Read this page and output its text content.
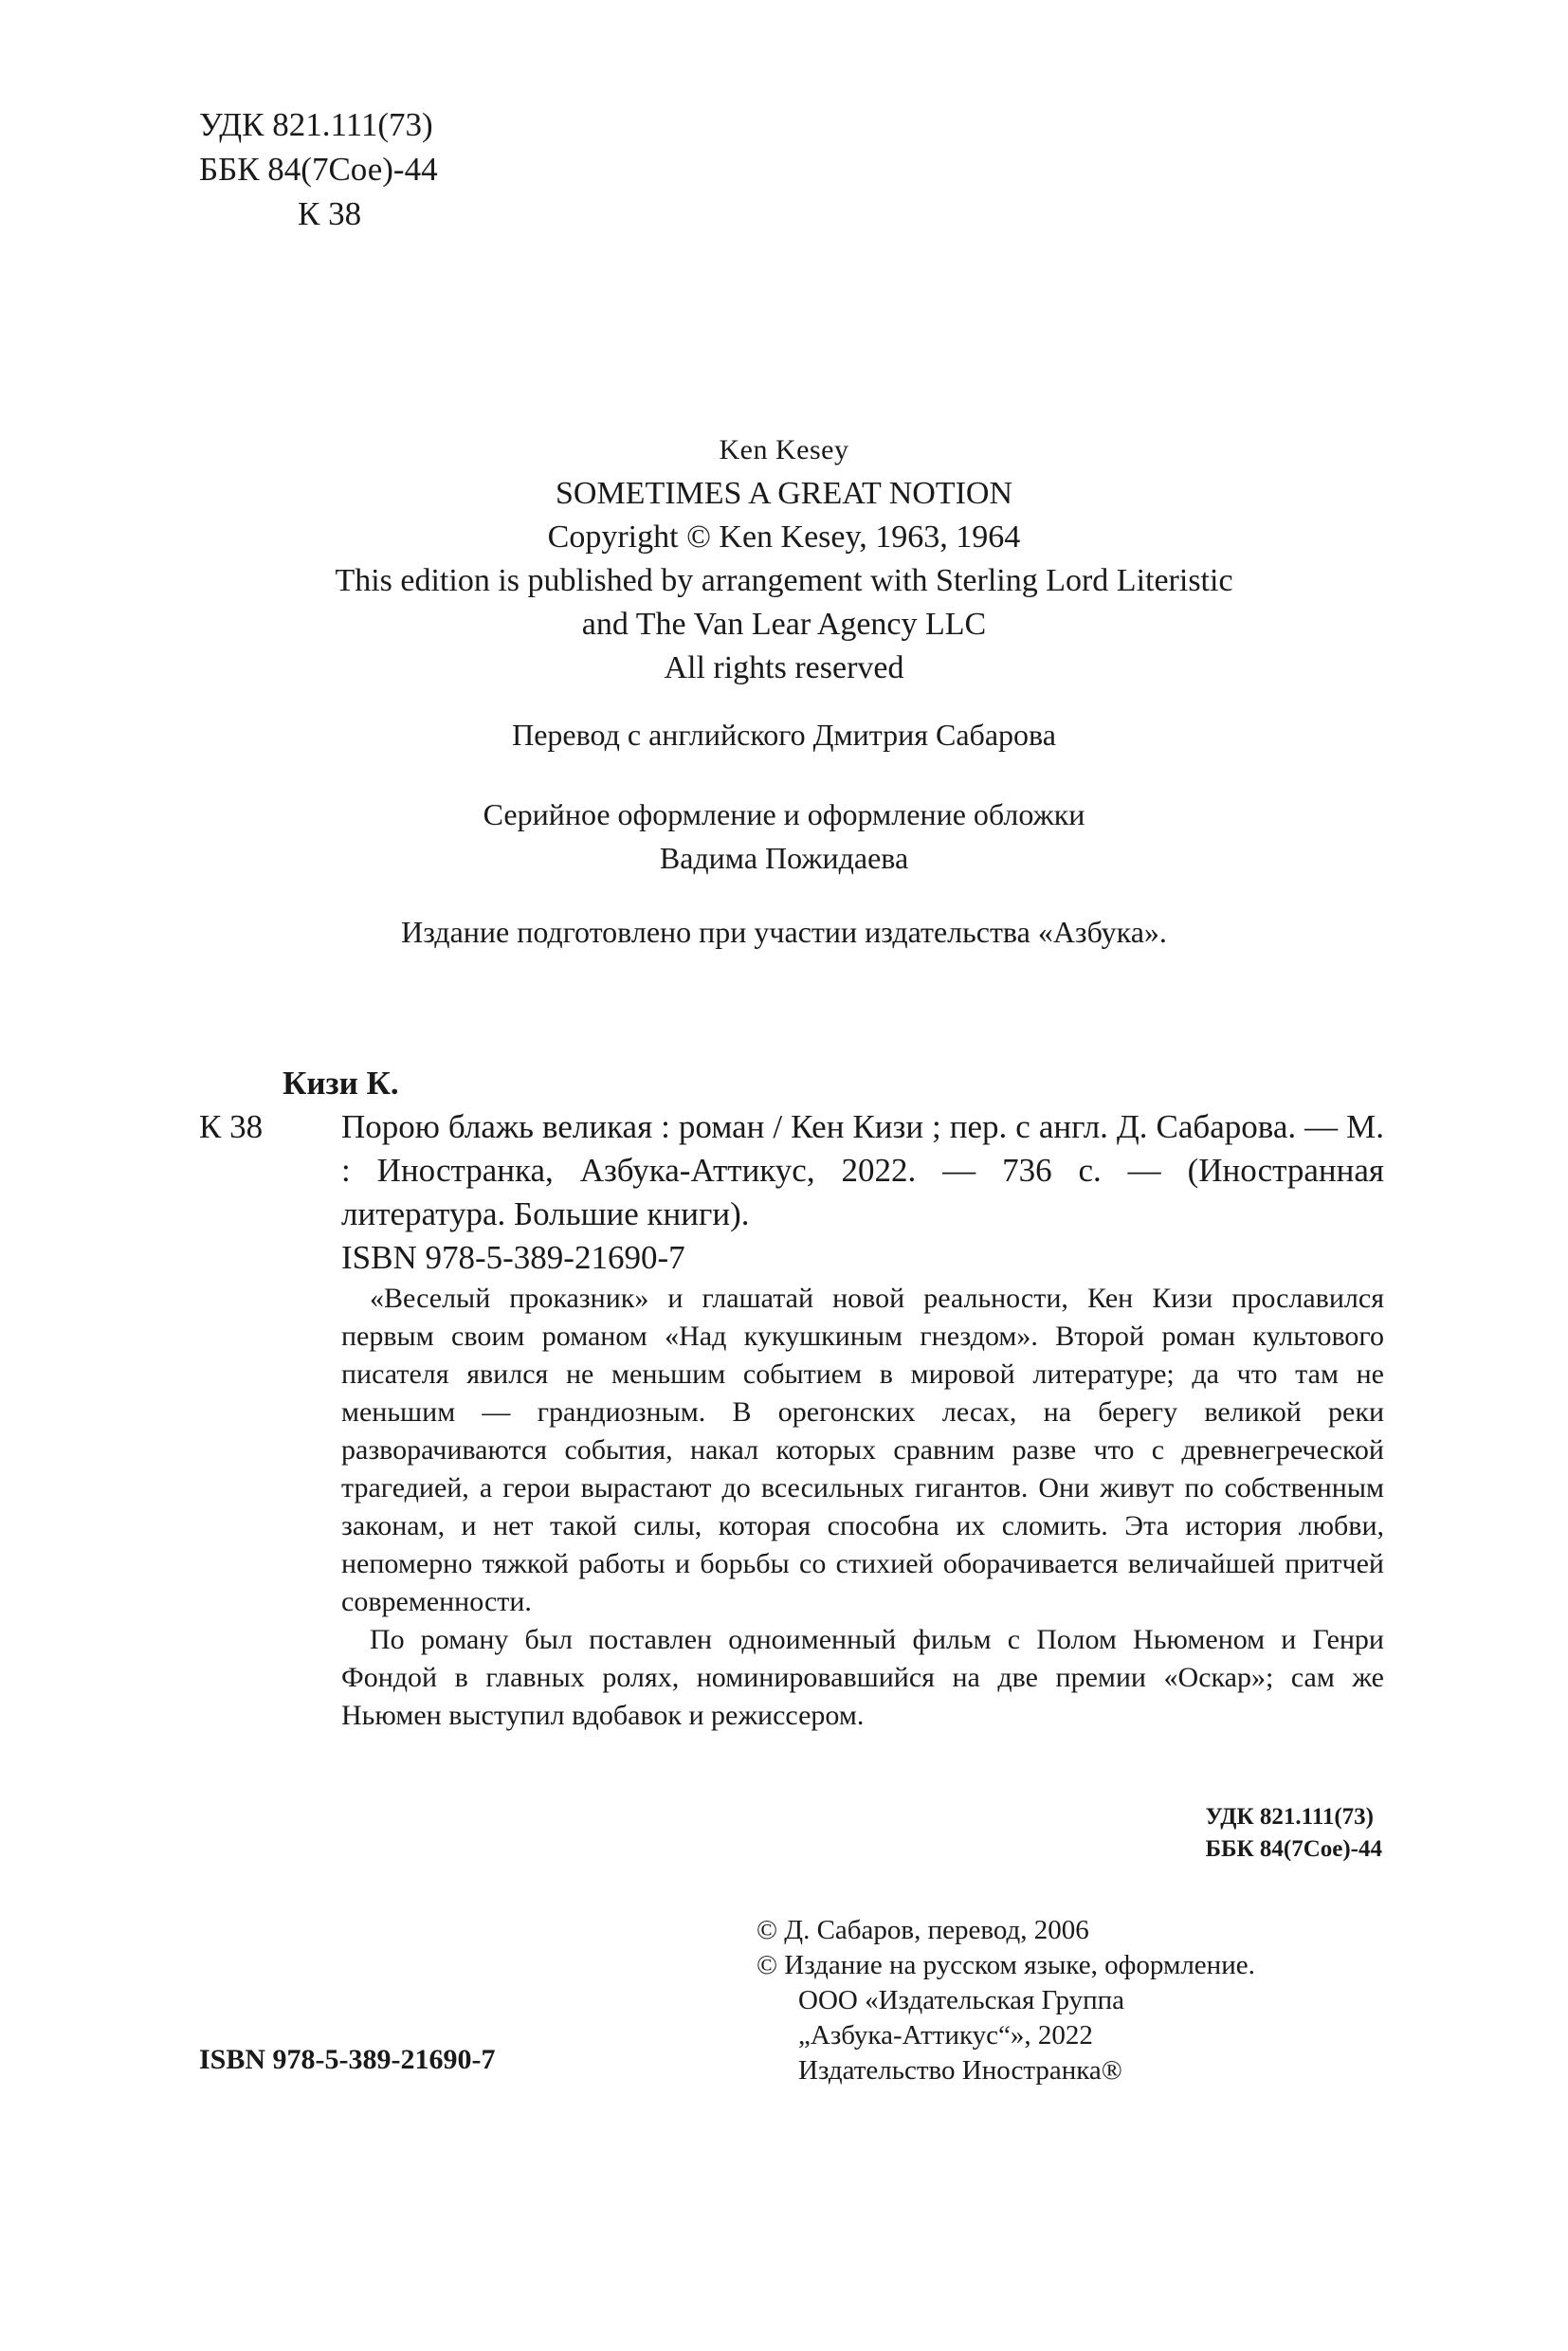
УДК 821.111(73)
ББК 84(7Сое)-44
К 38
Ken Kesey
SOMETIMES A GREAT NOTION
Copyright © Ken Kesey, 1963, 1964
This edition is published by arrangement with Sterling Lord Literistic
and The Van Lear Agency LLC
All rights reserved
Перевод с английского Дмитрия Сабарова
Серийное оформление и оформление обложки
Вадима Пожидаева
Издание подготовлено при участии издательства «Азбука».
Кизи К.
К 38	Порою блажь великая : роман / Кен Кизи ; пер. с англ. Д. Сабарова. — М. : Иностранка, Азбука-Аттикус, 2022. — 736 с. — (Иностранная литература. Большие книги).
ISBN 978-5-389-21690-7

«Веселый проказник» и глашатай новой реальности, Кен Кизи прославился первым своим романом «Над кукушкиным гнездом». Второй роман культового писателя явился не меньшим событием в мировой литературе; да что там не меньшим — грандиозным. В орегонских лесах, на берегу великой реки разворачиваются события, накал которых сравним разве что с древнегреческой трагедией, а герои вырастают до всесильных гигантов. Они живут по собственным законам, и нет такой силы, которая способна их сломить. Эта история любви, непомерно тяжкой работы и борьбы со стихией оборачивается величайшей притчей современности.

По роману был поставлен одноименный фильм с Полом Ньюменом и Генри Фондой в главных ролях, номинировавшийся на две премии «Оскар»; сам же Ньюмен выступил вдобавок и режиссером.

УДК 821.111(73)
ББК 84(7Сое)-44
© Д. Сабаров, перевод, 2006
© Издание на русском языке, оформление.
ООО «Издательская Группа
„Азбука-Аттикус“», 2022
Издательство Иностранка®
ISBN 978-5-389-21690-7
